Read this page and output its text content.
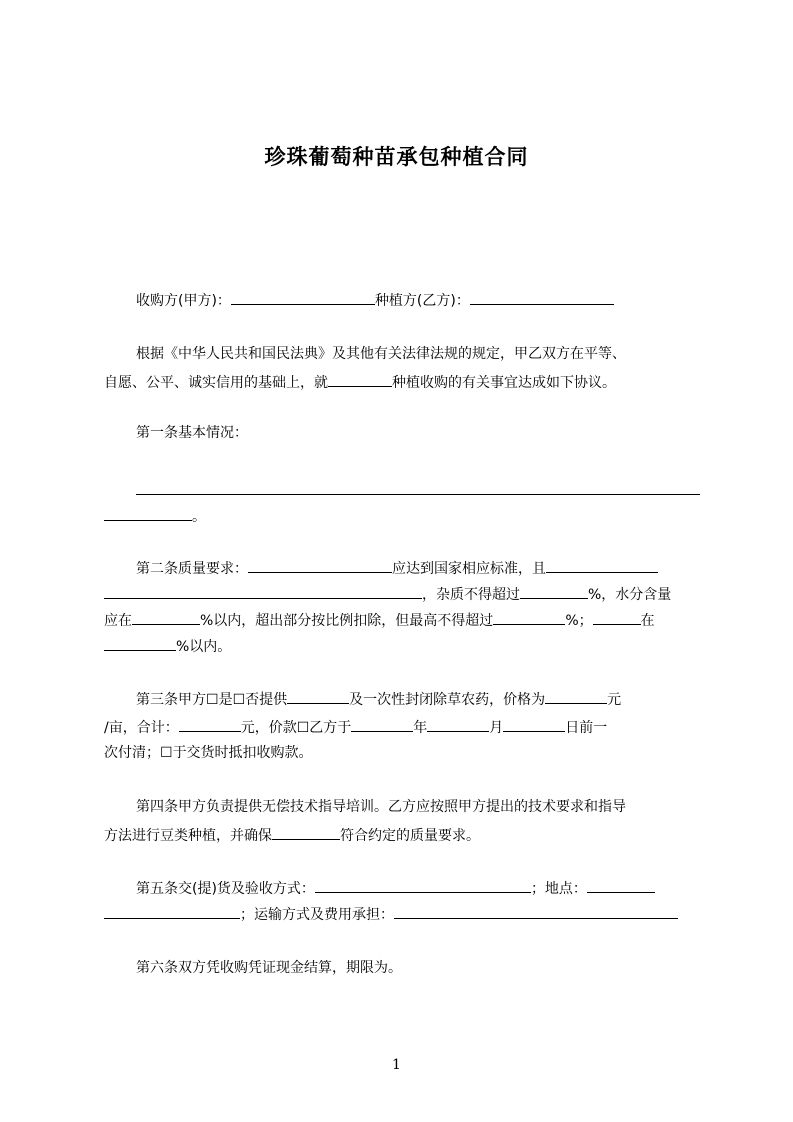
珍珠葡萄种苗承包种植合同
收购方(甲方)：	种植方(乙方)：
根据《中华人民共和国民法典》及其他有关法律法规的规定，甲乙双方在平等、
自愿、公平、诚实信用的基础上，就	种植收购的有关事宜达成如下协议。
第一条基本情况：
。
第二条质量要求：	应达到国家相应标准，且
，杂质不得超过	%，水分含量
应在	%以内，超出部分按比例扣除，但最高不得超过	%；	在
%以内。
第三条甲方☐是☐否提供	及一次性封闭除草农药，价格为	元
/亩，合计：	元，价款☐乙方于	年	月	日前一
次付清；☐于交货时抵扣收购款。
第四条甲方负责提供无偿技术指导培训。乙方应按照甲方提出的技术要求和指导
方法进行豆类种植，并确保	符合约定的质量要求。
第五条交(提)货及验收方式：	；地点：
；运输方式及费用承担：
第六条双方凭收购凭证现金结算，期限为。
1
